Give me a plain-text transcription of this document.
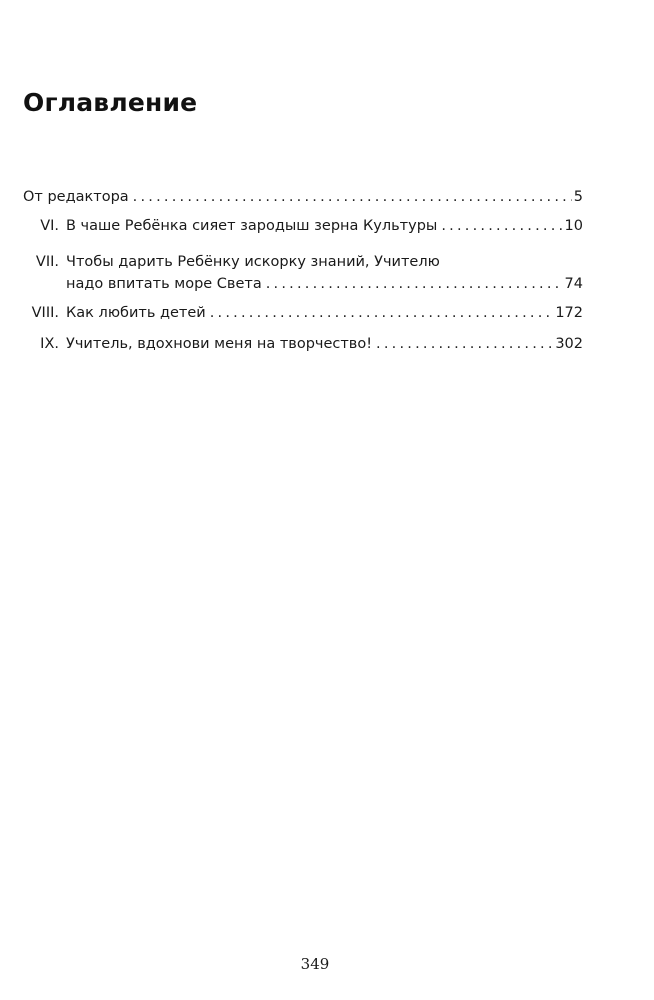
Оглавление
От редактора .....	5
VI. В чаше Ребёнка сияет зародыш зерна Культуры .....	10
VII. Чтобы дарить Ребёнку искорку знаний, Учителю
надо впитать море Света .....	74
VIII. Как любить детей .....	172
IX. Учитель, вдохнови меня на творчество! .....	302
349
